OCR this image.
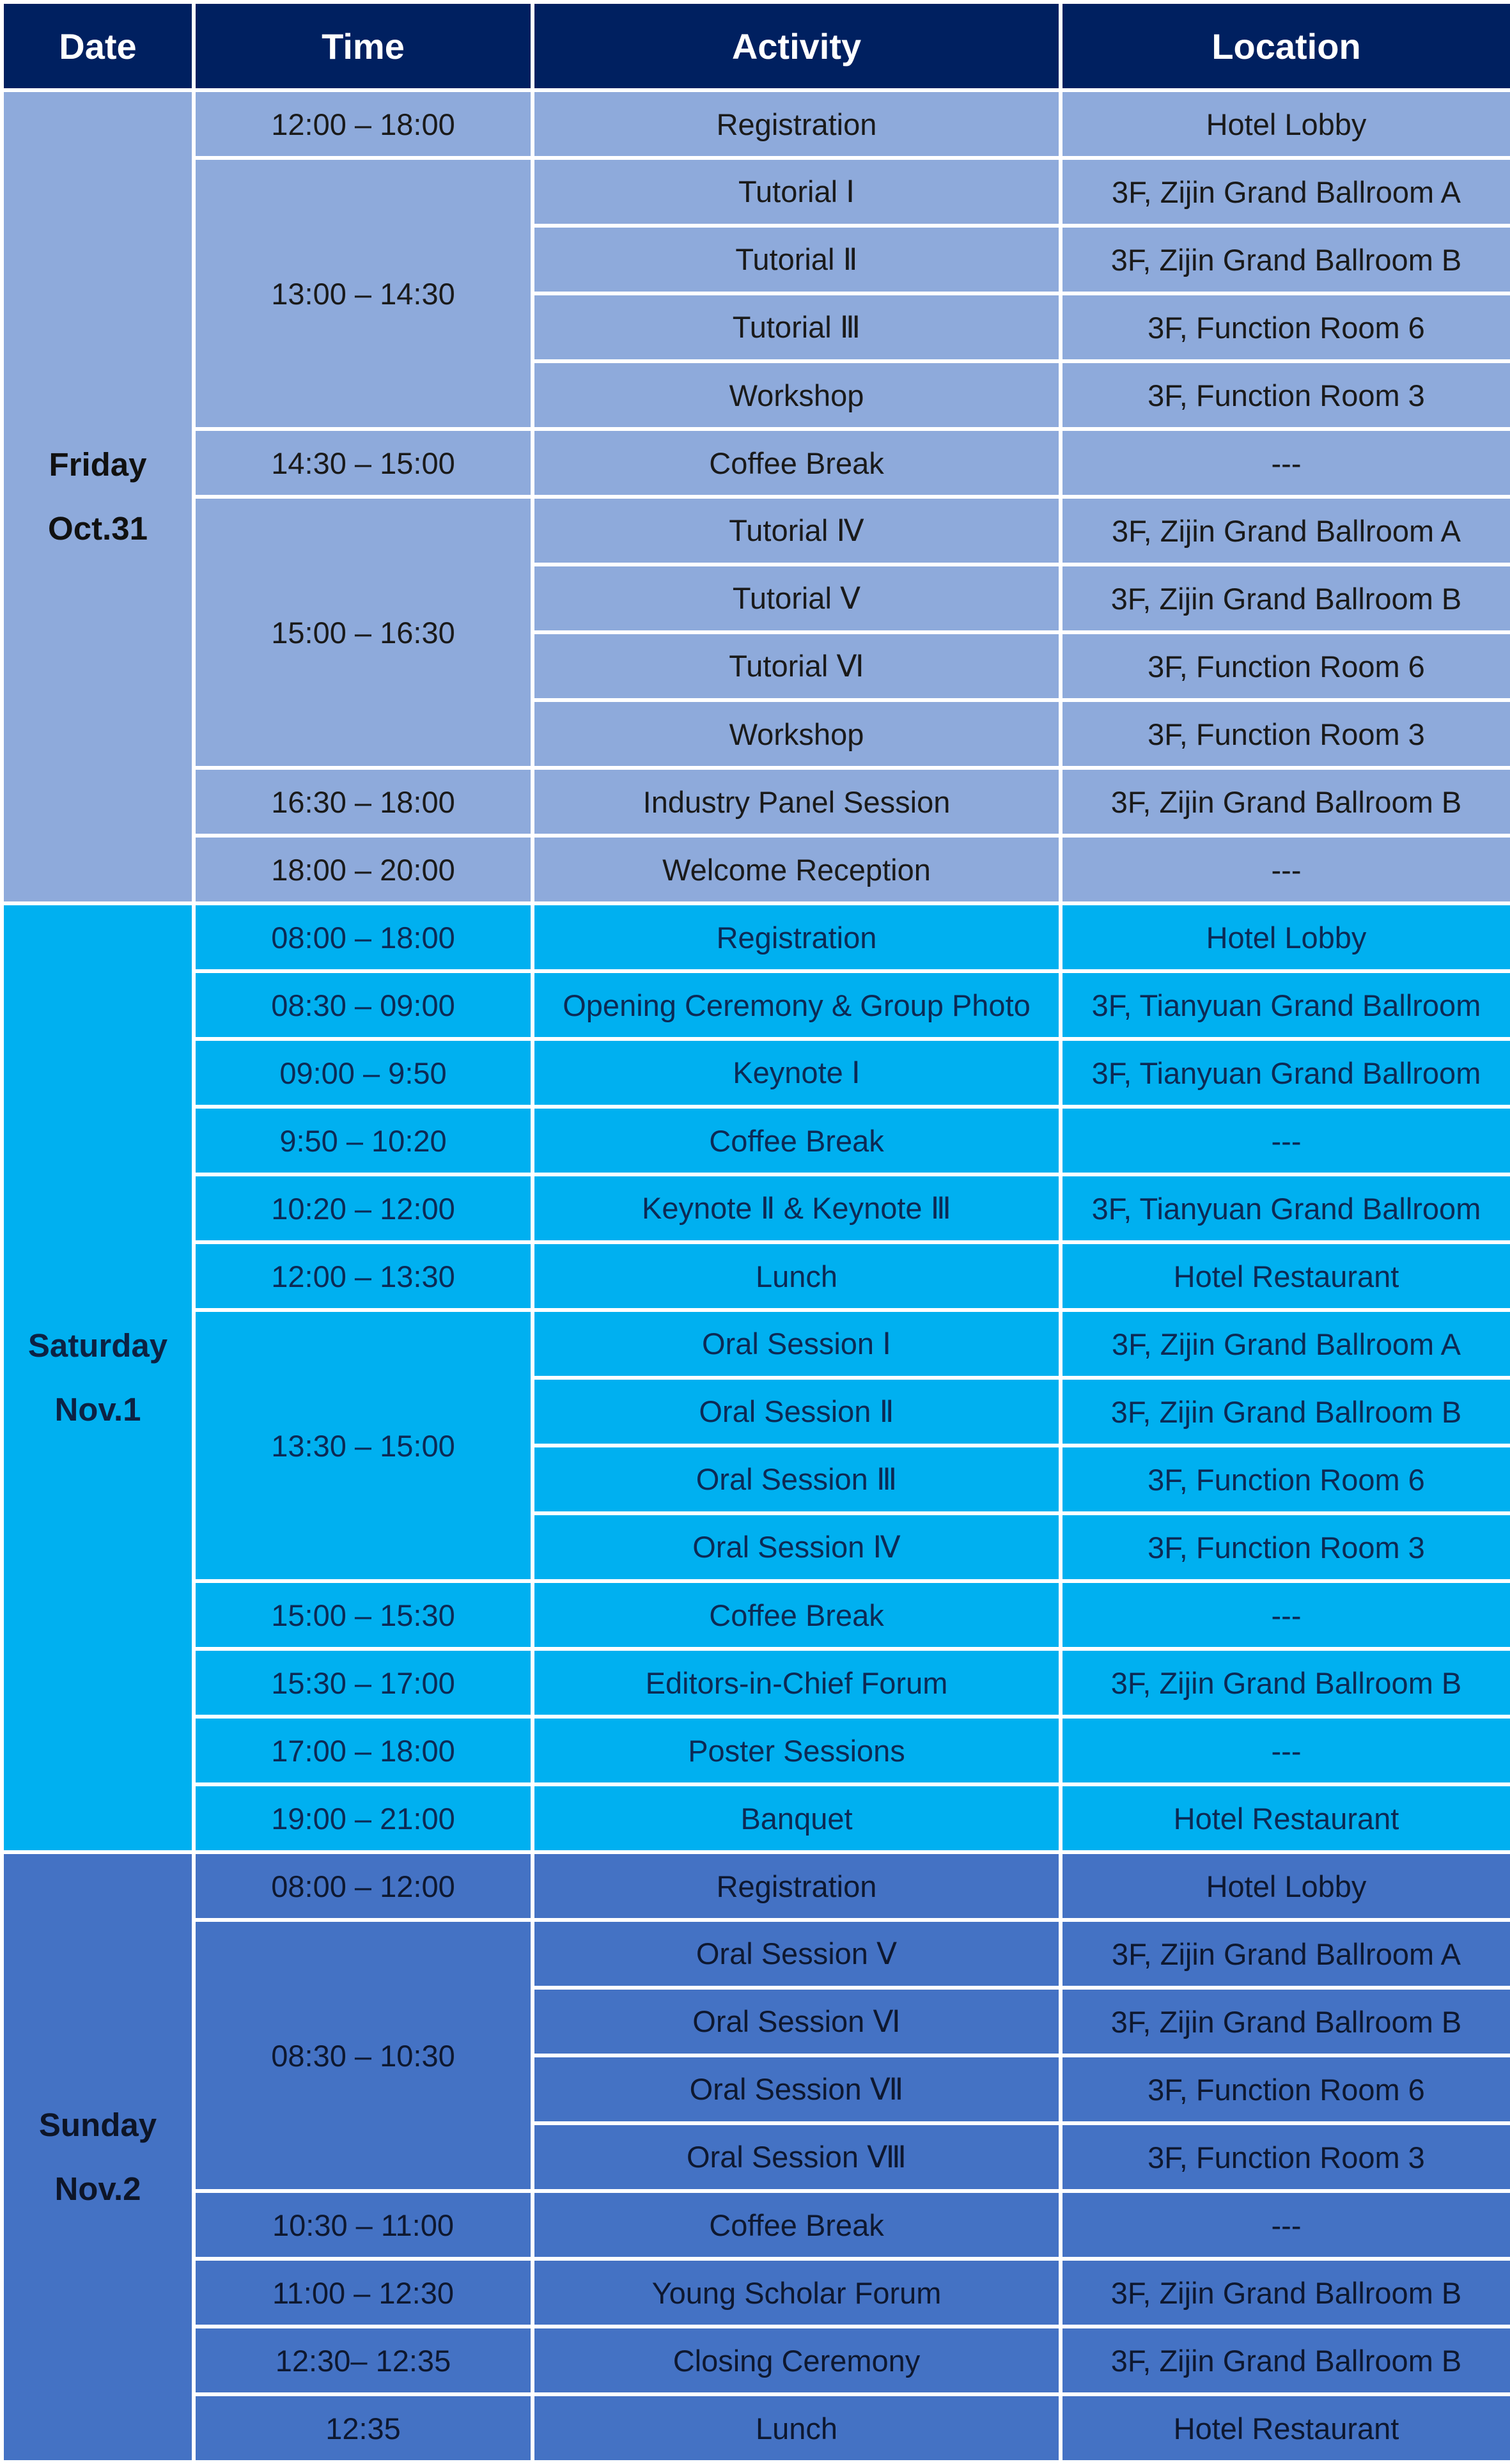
Date	Time	Activity	Location

Friday
Oct.31	12:00 – 18:00	Registration	Hotel Lobby
	13:00 – 14:30	Tutorial Ⅰ	3F, Zijin Grand Ballroom A
		Tutorial Ⅱ	3F, Zijin Grand Ballroom B
		Tutorial Ⅲ	3F, Function Room 6
		Workshop	3F, Function Room 3
	14:30 – 15:00	Coffee Break	---
	15:00 – 16:30	Tutorial Ⅳ	3F, Zijin Grand Ballroom A
		Tutorial Ⅴ	3F, Zijin Grand Ballroom B
		Tutorial Ⅵ	3F, Function Room 6
		Workshop	3F, Function Room 3
	16:30 – 18:00	Industry Panel Session	3F, Zijin Grand Ballroom B
	18:00 – 20:00	Welcome Reception	---

Saturday
Nov.1	08:00 – 18:00	Registration	Hotel Lobby
	08:30 – 09:00	Opening Ceremony & Group Photo	3F, Tianyuan Grand Ballroom
	09:00 – 9:50	Keynote Ⅰ	3F, Tianyuan Grand Ballroom
	9:50 – 10:20	Coffee Break	---
	10:20 – 12:00	Keynote Ⅱ & Keynote Ⅲ	3F, Tianyuan Grand Ballroom
	12:00 – 13:30	Lunch	Hotel Restaurant
	13:30 – 15:00	Oral Session Ⅰ	3F, Zijin Grand Ballroom A
		Oral Session Ⅱ	3F, Zijin Grand Ballroom B
		Oral Session Ⅲ	3F, Function Room 6
		Oral Session Ⅳ	3F, Function Room 3
	15:00 – 15:30	Coffee Break	---
	15:30 – 17:00	Editors-in-Chief Forum	3F, Zijin Grand Ballroom B
	17:00 – 18:00	Poster Sessions	---
	19:00 – 21:00	Banquet	Hotel Restaurant

Sunday
Nov.2	08:00 – 12:00	Registration	Hotel Lobby
	08:30 – 10:30	Oral Session Ⅴ	3F, Zijin Grand Ballroom A
		Oral Session Ⅵ	3F, Zijin Grand Ballroom B
		Oral Session Ⅶ	3F, Function Room 6
		Oral Session Ⅷ	3F, Function Room 3
	10:30 – 11:00	Coffee Break	---
	11:00 – 12:30	Young Scholar Forum	3F, Zijin Grand Ballroom B
	12:30– 12:35	Closing Ceremony	3F, Zijin Grand Ballroom B
	12:35	Lunch	Hotel Restaurant
